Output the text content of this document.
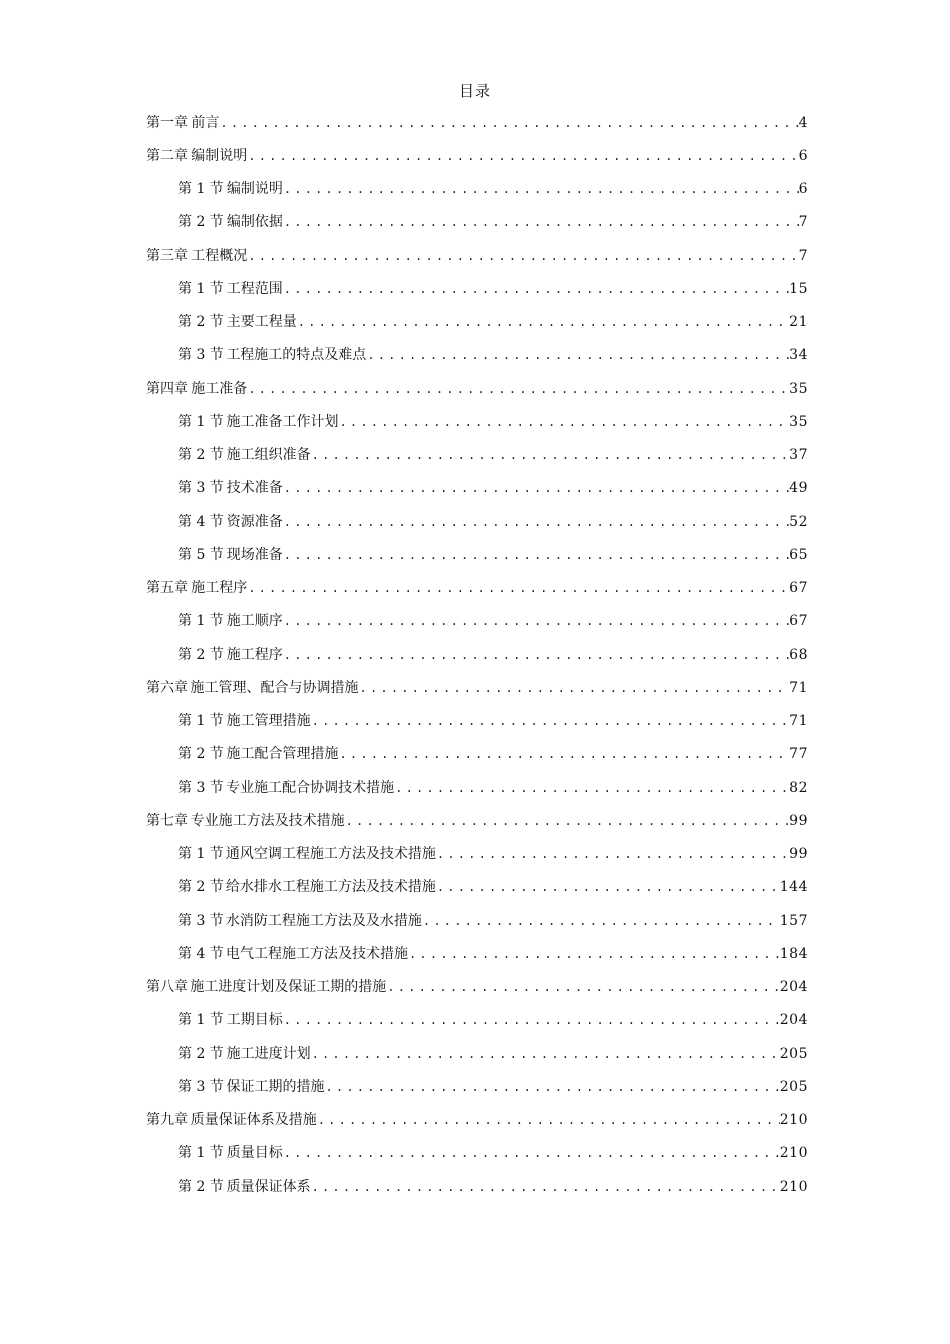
目录
第一章 前言 .....	4
第二章 编制说明 .....	6
第 1 节 编制说明 .....	6
第 2 节 编制依据 .....	7
第三章 工程概况 .....	7
第 1 节 工程范围 .....	15
第 2 节 主要工程量 .....	21
第 3 节 工程施工的特点及难点 .....	34
第四章 施工准备 .....	35
第 1 节 施工准备工作计划 .....	35
第 2 节 施工组织准备 .....	37
第 3 节 技术准备 .....	49
第 4 节 资源准备 .....	52
第 5 节 现场准备 .....	65
第五章 施工程序 .....	67
第 1 节 施工顺序 .....	67
第 2 节 施工程序 .....	68
第六章 施工管理、配合与协调措施 .....	71
第 1 节 施工管理措施 .....	71
第 2 节 施工配合管理措施 .....	77
第 3 节 专业施工配合协调技术措施 .....	82
第七章 专业施工方法及技术措施 .....	99
第 1 节 通风空调工程施工方法及技术措施 .....	99
第 2 节 给水排水工程施工方法及技术措施 .....	144
第 3 节 水消防工程施工方法及及水措施 .....	157
第 4 节 电气工程施工方法及技术措施 .....	184
第八章 施工进度计划及保证工期的措施 .....	204
第 1 节 工期目标 .....	204
第 2 节 施工进度计划 .....	205
第 3 节 保证工期的措施 .....	205
第九章 质量保证体系及措施 .....	210
第 1 节 质量目标 .....	210
第 2 节 质量保证体系 .....	210
